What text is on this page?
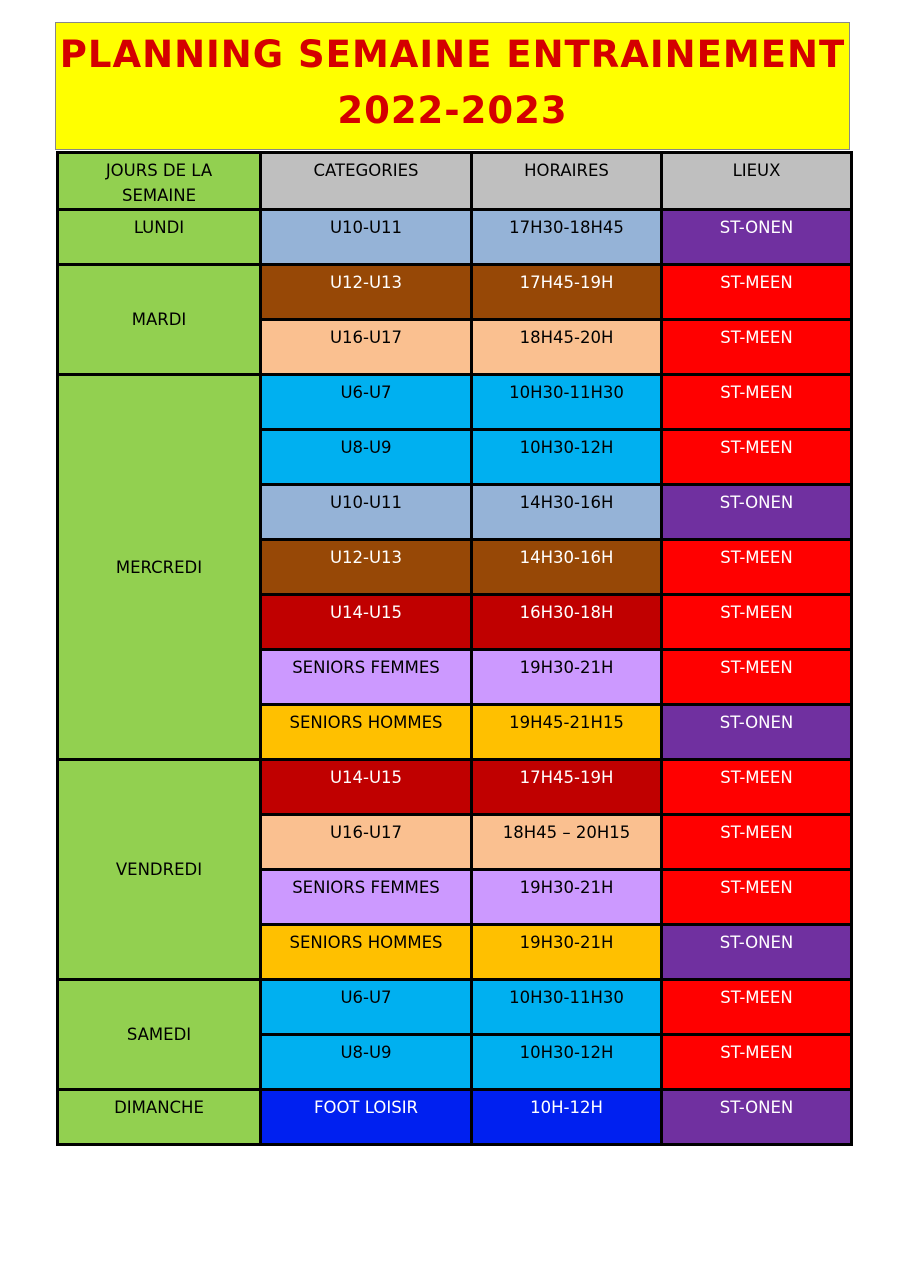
PLANNING SEMAINE ENTRAINEMENT
2022-2023
JOURS DE LA
SEMAINE	CATEGORIES	HORAIRES	LIEUX
LUNDI	U10-U11	17H30-18H45	ST-ONEN
MARDI	U12-U13	17H45-19H	ST-MEEN
	U16-U17	18H45-20H	ST-MEEN
MERCREDI	U6-U7	10H30-11H30	ST-MEEN
	U8-U9	10H30-12H	ST-MEEN
	U10-U11	14H30-16H	ST-ONEN
	U12-U13	14H30-16H	ST-MEEN
	U14-U15	16H30-18H	ST-MEEN
	SENIORS FEMMES	19H30-21H	ST-MEEN
	SENIORS HOMMES	19H45-21H15	ST-ONEN
VENDREDI	U14-U15	17H45-19H	ST-MEEN
	U16-U17	18H45 – 20H15	ST-MEEN
	SENIORS FEMMES	19H30-21H	ST-MEEN
	SENIORS HOMMES	19H30-21H	ST-ONEN
SAMEDI	U6-U7	10H30-11H30	ST-MEEN
	U8-U9	10H30-12H	ST-MEEN
DIMANCHE	FOOT LOISIR	10H-12H	ST-ONEN
